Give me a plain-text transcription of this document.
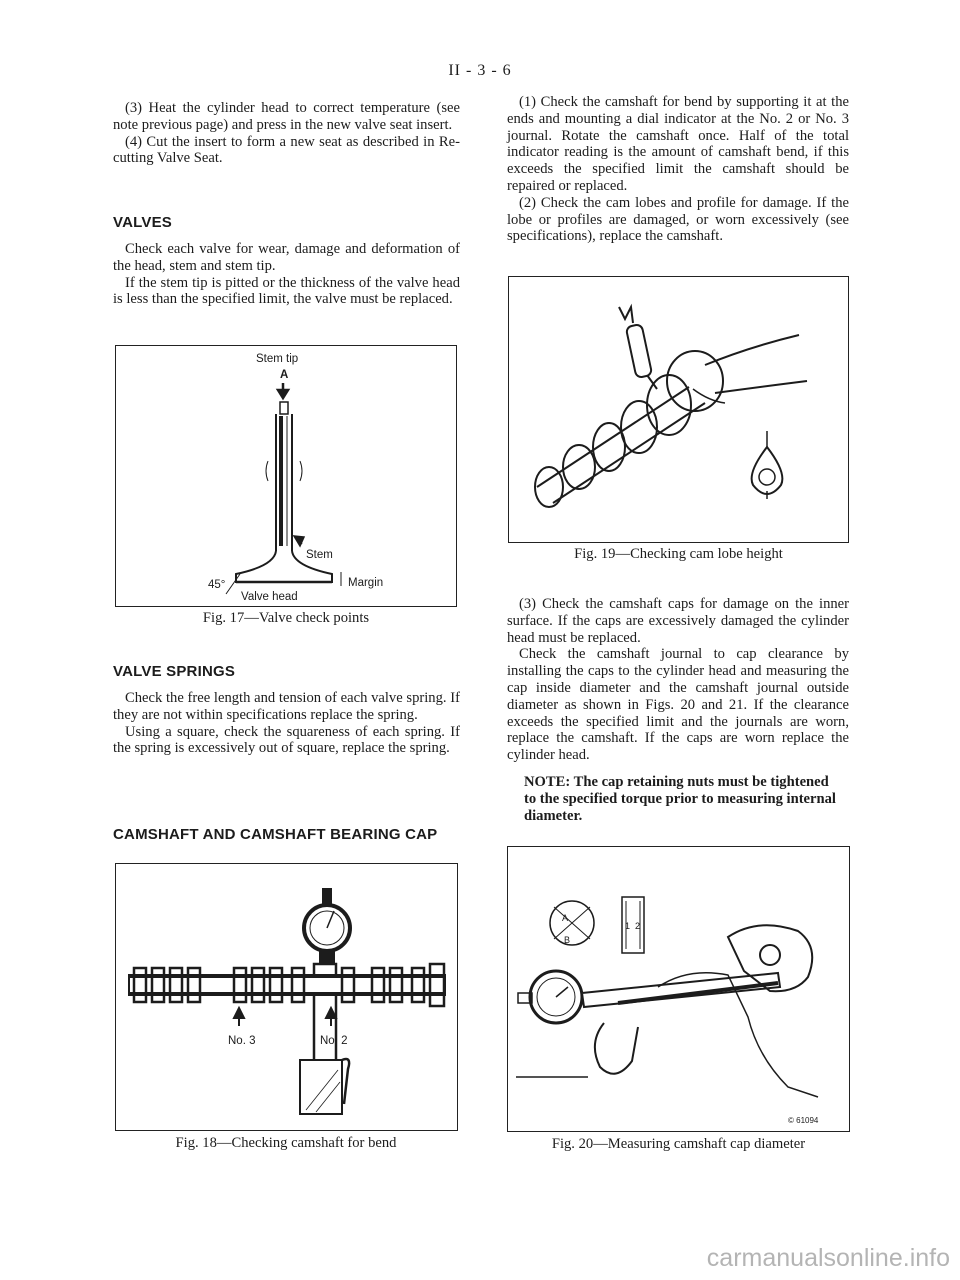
II - 3 - 6

(3) Heat the cylinder head to correct temperature (see note previous page) and press in the new valve seat insert.

(4) Cut the insert to form a new seat as described in Re-cutting Valve Seat.

VALVES

Check each valve for wear, damage and deformation of the head, stem and stem tip.

If the stem tip is pitted or the thickness of the valve head is less than the specified limit, the valve must be replaced.

Stem tip
A
Stem
Margin
45°
Valve head
Fig. 17—Valve check points
VALVE SPRINGS

Check the free length and tension of each valve spring. If they are not within specifications replace the spring.

Using a square, check the squareness of each spring. If the spring is excessively out of square, replace the spring.

CAMSHAFT AND CAMSHAFT BEARING CAP
No. 3	No. 2
Fig. 18—Checking camshaft for bend

(1) Check the camshaft for bend by supporting it at the ends and mounting a dial indicator at the No. 2 or No. 3 journal. Rotate the camshaft once. Half of the total indicator reading is the amount of camshaft bend, if this exceeds the specified limit the camshaft should be repaired or replaced.

(2) Check the cam lobes and profile for damage. If the lobe or profiles are damaged, or worn excessively (see specifications), replace the camshaft.

Fig. 19—Checking cam lobe height

(3) Check the camshaft caps for damage on the inner surface. If the caps are excessively damaged the cylinder head must be replaced.

Check the camshaft journal to cap clearance by installing the caps to the cylinder head and measuring the cap inside diameter and the camshaft journal outside diameter as shown in Figs. 20 and 21. If the clearance exceeds the specified limit and the journals are worn, replace the camshaft. If the caps are worn replace the cylinder head.

NOTE: The cap retaining nuts must be tightened to the specified torque prior to measuring internal diameter.
A
B
1 2
© 61094
Fig. 20—Measuring camshaft cap diameter
carmanualsonline.info
